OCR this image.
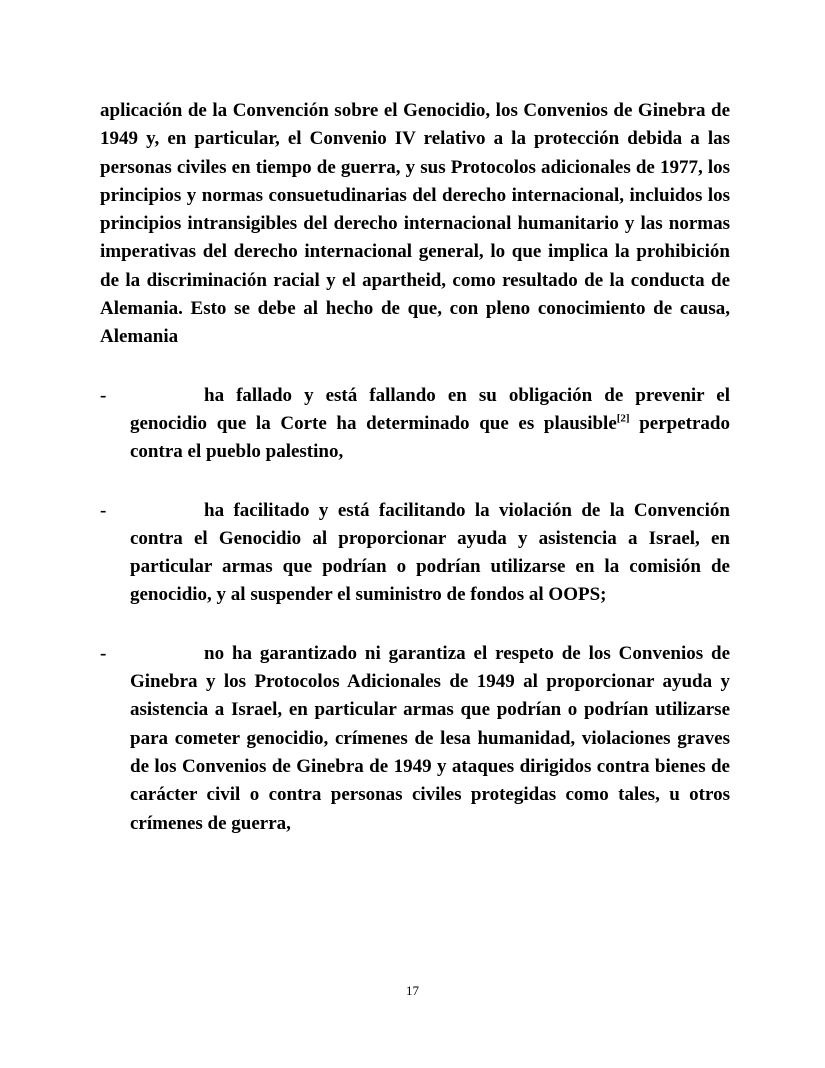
aplicación de la Convención sobre el Genocidio, los Convenios de Ginebra de 1949 y, en particular, el Convenio IV relativo a la protección debida a las personas civiles en tiempo de guerra, y sus Protocolos adicionales de 1977, los principios y normas consuetudinarias del derecho internacional, incluidos los principios intransigibles del derecho internacional humanitario y las normas imperativas del derecho internacional general, lo que implica la prohibición de la discriminación racial y el apartheid, como resultado de la conducta de Alemania. Esto se debe al hecho de que, con pleno conocimiento de causa, Alemania

-	ha fallado y está fallando en su obligación de prevenir el genocidio que la Corte ha determinado que es plausible[2] perpetrado contra el pueblo palestino,
-	ha facilitado y está facilitando la violación de la Convención contra el Genocidio al proporcionar ayuda y asistencia a Israel, en particular armas que podrían o podrían utilizarse en la comisión de genocidio, y al suspender el suministro de fondos al OOPS;
-	no ha garantizado ni garantiza el respeto de los Convenios de Ginebra y los Protocolos Adicionales de 1949 al proporcionar ayuda y asistencia a Israel, en particular armas que podrían o podrían utilizarse para cometer genocidio, crímenes de lesa humanidad, violaciones graves de los Convenios de Ginebra de 1949 y ataques dirigidos contra bienes de carácter civil o contra personas civiles protegidas como tales, u otros crímenes de guerra,
17
